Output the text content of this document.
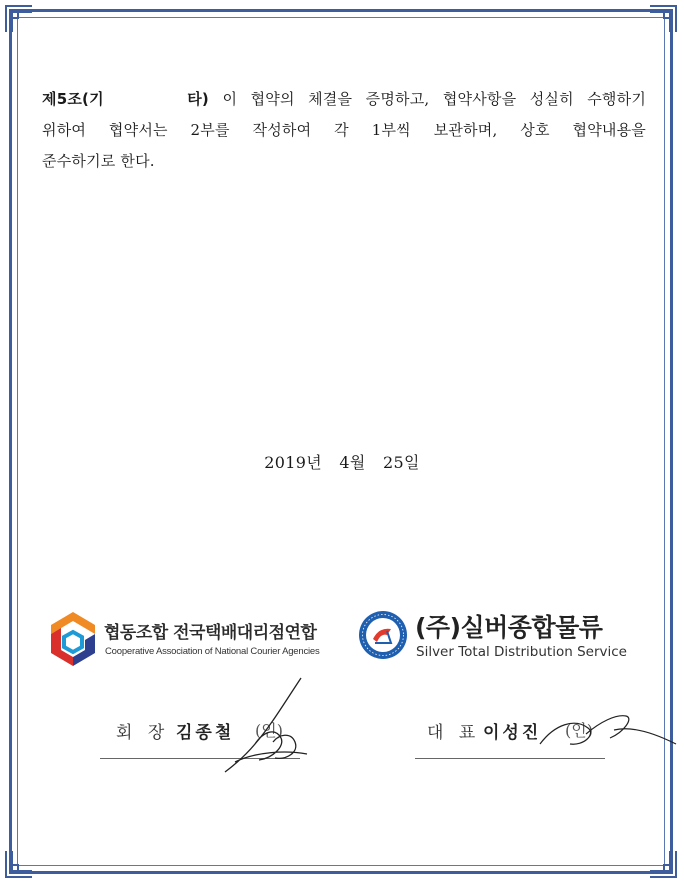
제5조(기      타) 이 협약의 체결을 증명하고, 협약사항을 성실히 수행하기
위하여 협약서는 2부를 작성하여 각 1부씩 보관하며, 상호 협약내용을
준수하기로 한다.
2019년 4월 25일
협동조합 전국택배대리점연합
Cooperative Association of National Courier Agencies
(주)실버종합물류
Silver Total Distribution Service
회 장 김종철 (인)	대 표 이성진 (인)
